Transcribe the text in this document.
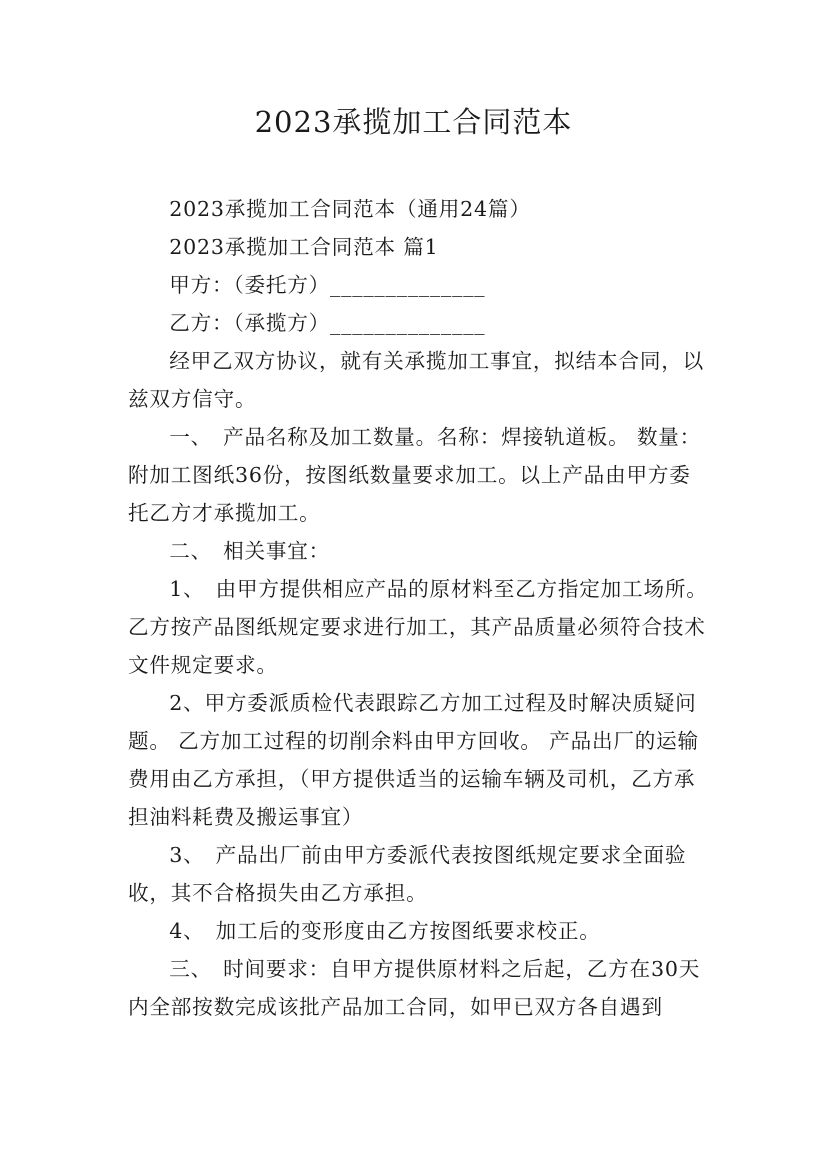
2023承揽加工合同范本

2023承揽加工合同范本（通用24篇）

2023承揽加工合同范本 篇1

甲方：（委托方）______________

乙方：（承揽方）______________

经甲乙双方协议，就有关承揽加工事宜，拟结本合同，以兹双方信守。

一、　产品名称及加工数量。名称：焊接轨道板。 数量：附加工图纸36份，按图纸数量要求加工。以上产品由甲方委托乙方才承揽加工。

二、　相关事宜：

1、　由甲方提供相应产品的原材料至乙方指定加工场所。 乙方按产品图纸规定要求进行加工，其产品质量必须符合技术文件规定要求。

2、甲方委派质检代表跟踪乙方加工过程及时解决质疑问题。 乙方加工过程的切削余料由甲方回收。 产品出厂的运输费用由乙方承担，（甲方提供适当的运输车辆及司机，乙方承担油料耗费及搬运事宜）

3、　产品出厂前由甲方委派代表按图纸规定要求全面验收，其不合格损失由乙方承担。

4、　加工后的变形度由乙方按图纸要求校正。

三、　时间要求：自甲方提供原材料之后起，乙方在30天内全部按数完成该批产品加工合同，如甲已双方各自遇到
